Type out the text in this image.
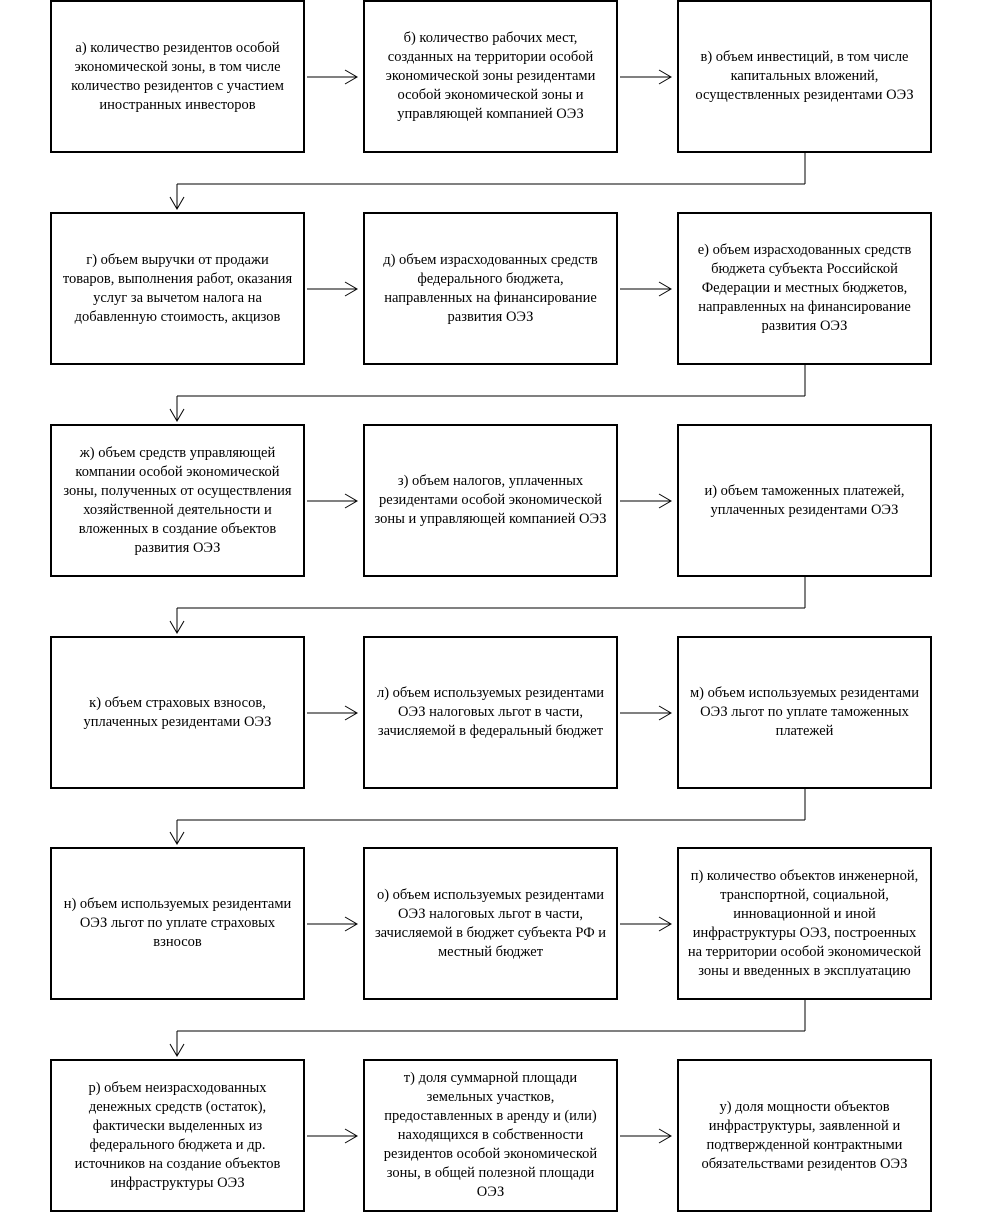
а) количество резидентов особой экономической зоны, в том числе количество резидентов с участием иностранных инвесторов
б) количество рабочих мест, созданных на территории особой экономической зоны резидентами особой экономической зоны и управляющей компанией ОЭЗ
в) объем инвестиций, в том числе капитальных вложений, осуществленных резидентами ОЭЗ
г) объем выручки от продажи товаров, выполнения работ, оказания услуг за вычетом налога на добавленную стоимость, акцизов
д) объем израсходованных средств федерального бюджета, направленных на финансирование развития ОЭЗ
е) объем израсходованных средств бюджета субъекта Российской Федерации и местных бюджетов, направленных на финансирование развития ОЭЗ
ж) объем средств управляющей компании особой экономической зоны, полученных от осуществления хозяйственной деятельности и вложенных в создание объектов развития ОЭЗ
з) объем налогов, уплаченных резидентами особой экономической зоны и управляющей компанией ОЭЗ
и) объем таможенных платежей, уплаченных резидентами ОЭЗ
к) объем страховых взносов, уплаченных резидентами ОЭЗ
л) объем используемых резидентами ОЭЗ налоговых льгот в части, зачисляемой в федеральный бюджет
м) объем используемых резидентами ОЭЗ льгот по уплате таможенных платежей
н) объем используемых резидентами ОЭЗ льгот по уплате страховых взносов
о) объем используемых резидентами ОЭЗ налоговых льгот в части, зачисляемой в бюджет субъекта РФ и местный бюджет
п) количество объектов инженерной, транспортной, социальной, инновационной и иной инфраструктуры ОЭЗ, построенных на территории особой экономической зоны и введенных в эксплуатацию
р) объем неизрасходованных денежных средств (остаток), фактически выделенных из федерального бюджета и др. источников на создание объектов инфраструктуры ОЭЗ
т) доля суммарной площади земельных участков, предоставленных в аренду и (или) находящихся в собственности резидентов особой экономической зоны, в общей полезной площади ОЭЗ
у) доля мощности объектов инфраструктуры, заявленной и подтвержденной контрактными обязательствами резидентов ОЭЗ
